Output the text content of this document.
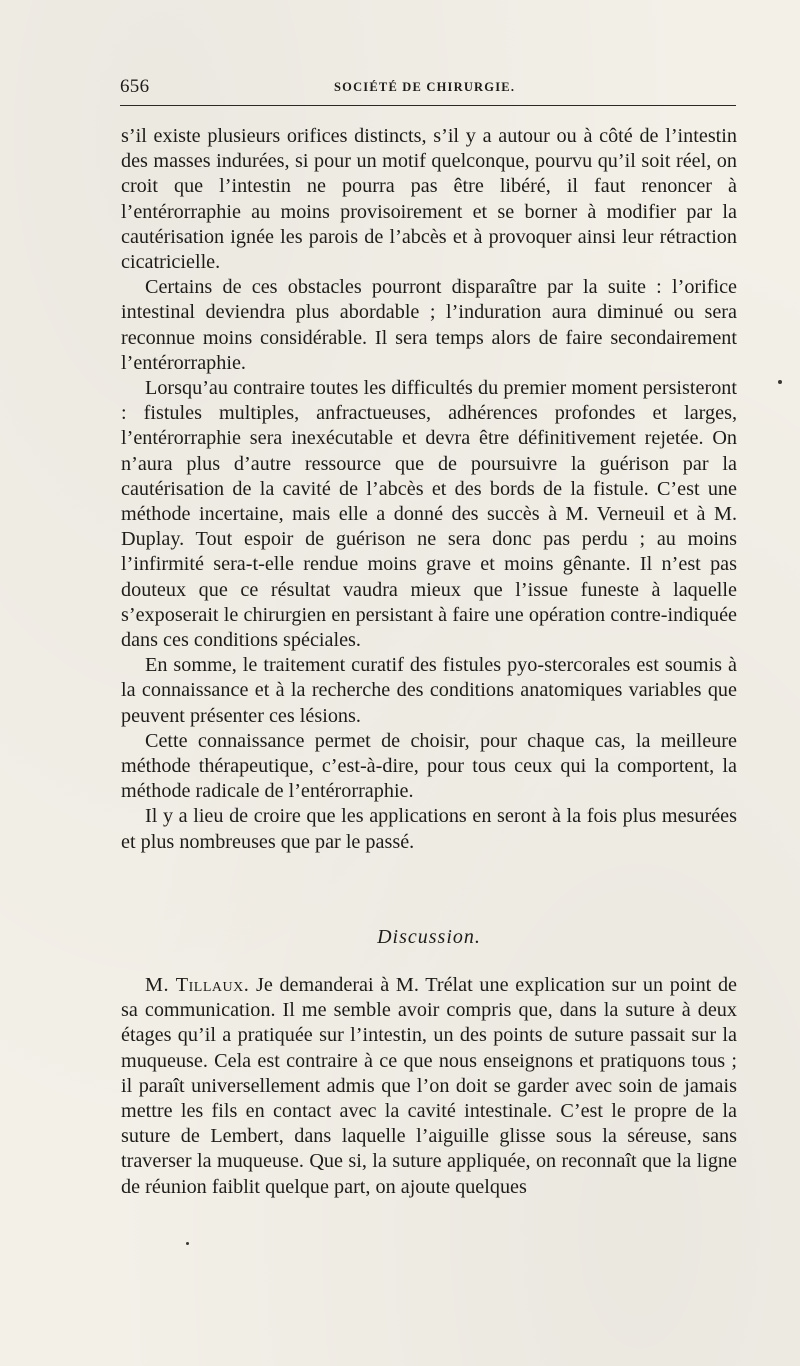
656	SOCIÉTÉ DE CHIRURGIE.

s’il existe plusieurs orifices distincts, s’il y a autour ou à côté de l’intestin des masses indurées, si pour un motif quelconque, pourvu qu’il soit réel, on croit que l’intestin ne pourra pas être libéré, il faut renoncer à l’entérorraphie au moins provisoirement et se borner à modifier par la cautérisation ignée les parois de l’abcès et à provoquer ainsi leur rétraction cicatricielle.

Certains de ces obstacles pourront disparaître par la suite : l’orifice intestinal deviendra plus abordable ; l’induration aura diminué ou sera reconnue moins considérable. Il sera temps alors de faire secondairement l’entérorraphie.

Lorsqu’au contraire toutes les difficultés du premier moment persisteront : fistules multiples, anfractueuses, adhérences profondes et larges, l’entérorraphie sera inexécutable et devra être définitivement rejetée. On n’aura plus d’autre ressource que de poursuivre la guérison par la cautérisation de la cavité de l’abcès et des bords de la fistule. C’est une méthode incertaine, mais elle a donné des succès à M. Verneuil et à M. Duplay. Tout espoir de guérison ne sera donc pas perdu ; au moins l’infirmité sera-t-elle rendue moins grave et moins gênante. Il n’est pas douteux que ce résultat vaudra mieux que l’issue funeste à laquelle s’exposerait le chirurgien en persistant à faire une opération contre-indiquée dans ces conditions spéciales.

En somme, le traitement curatif des fistules pyo-stercorales est soumis à la connaissance et à la recherche des conditions anatomiques variables que peuvent présenter ces lésions.

Cette connaissance permet de choisir, pour chaque cas, la meilleure méthode thérapeutique, c’est-à-dire, pour tous ceux qui la comportent, la méthode radicale de l’entérorraphie.

Il y a lieu de croire que les applications en seront à la fois plus mesurées et plus nombreuses que par le passé.

Discussion.

M. Tillaux. Je demanderai à M. Trélat une explication sur un point de sa communication. Il me semble avoir compris que, dans la suture à deux étages qu’il a pratiquée sur l’intestin, un des points de suture passait sur la muqueuse. Cela est contraire à ce que nous enseignons et pratiquons tous ; il paraît universellement admis que l’on doit se garder avec soin de jamais mettre les fils en contact avec la cavité intestinale. C’est le propre de la suture de Lembert, dans laquelle l’aiguille glisse sous la séreuse, sans traverser la muqueuse. Que si, la suture appliquée, on reconnaît que la ligne de réunion faiblit quelque part, on ajoute quelques
